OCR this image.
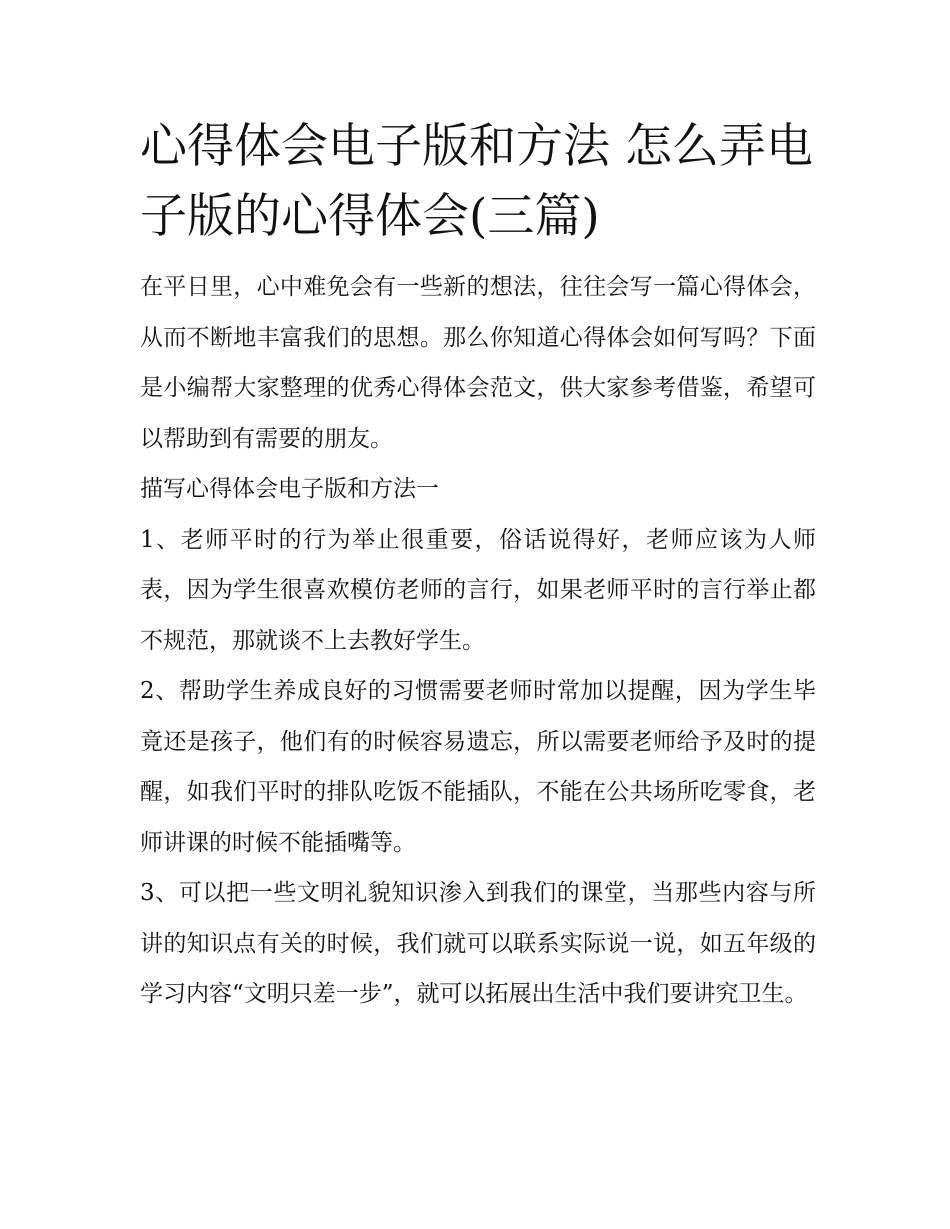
心得体会电子版和方法 怎么弄电子版的心得体会(三篇)

在平日里，心中难免会有一些新的想法，往往会写一篇心得体会，从而不断地丰富我们的思想。那么你知道心得体会如何写吗？下面是小编帮大家整理的优秀心得体会范文，供大家参考借鉴，希望可以帮助到有需要的朋友。

描写心得体会电子版和方法一

1、老师平时的行为举止很重要，俗话说得好，老师应该为人师表，因为学生很喜欢模仿老师的言行，如果老师平时的言行举止都不规范，那就谈不上去教好学生。

2、帮助学生养成良好的习惯需要老师时常加以提醒，因为学生毕竟还是孩子，他们有的时候容易遗忘，所以需要老师给予及时的提醒，如我们平时的排队吃饭不能插队，不能在公共场所吃零食，老师讲课的时候不能插嘴等。

3、可以把一些文明礼貌知识渗入到我们的课堂，当那些内容与所讲的知识点有关的时候，我们就可以联系实际说一说，如五年级的学习内容“文明只差一步”，就可以拓展出生活中我们要讲究卫生。
